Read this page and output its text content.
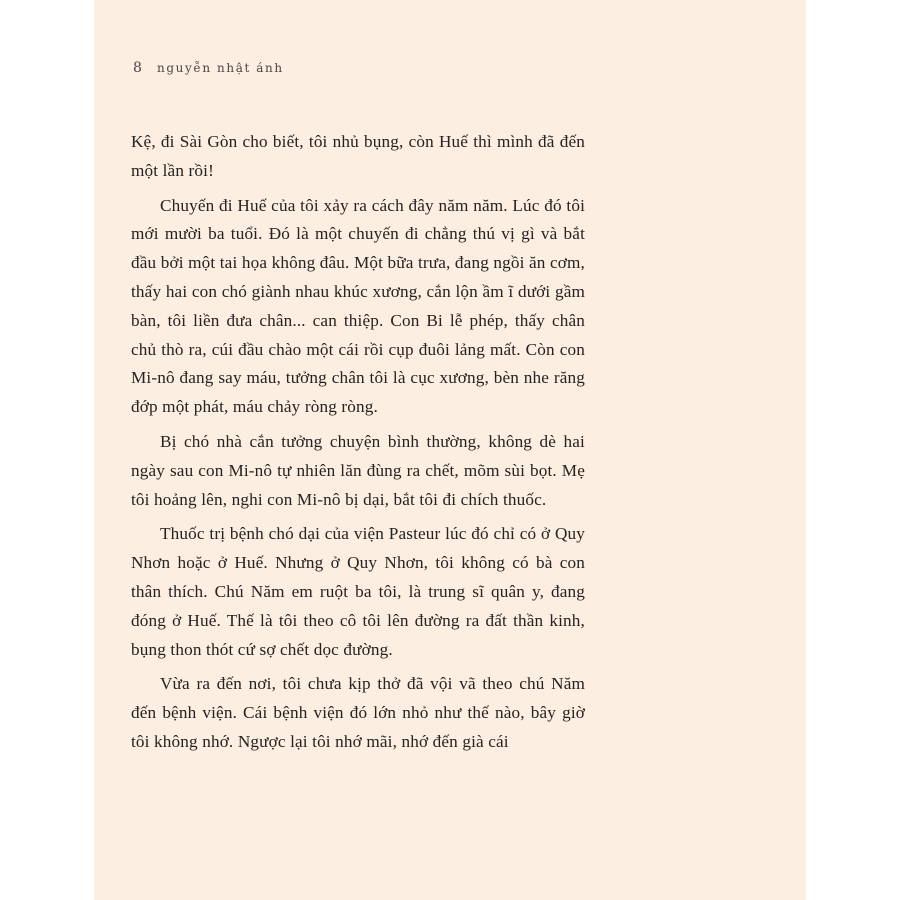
8 nguyễn nhật ánh

Kệ, đi Sài Gòn cho biết, tôi nhủ bụng, còn Huế thì mình đã đến một lần rồi!

Chuyến đi Huế của tôi xảy ra cách đây năm năm. Lúc đó tôi mới mười ba tuổi. Đó là một chuyến đi chẳng thú vị gì và bắt đầu bởi một tai họa không đâu. Một bữa trưa, đang ngồi ăn cơm, thấy hai con chó giành nhau khúc xương, cắn lộn ầm ĩ dưới gầm bàn, tôi liền đưa chân... can thiệp. Con Bi lễ phép, thấy chân chủ thò ra, cúi đầu chào một cái rồi cụp đuôi lảng mất. Còn con Mi-nô đang say máu, tưởng chân tôi là cục xương, bèn nhe răng đớp một phát, máu chảy ròng ròng.

Bị chó nhà cắn tưởng chuyện bình thường, không dè hai ngày sau con Mi-nô tự nhiên lăn đùng ra chết, mõm sùi bọt. Mẹ tôi hoảng lên, nghi con Mi-nô bị dại, bắt tôi đi chích thuốc.

Thuốc trị bệnh chó dại của viện Pasteur lúc đó chỉ có ở Quy Nhơn hoặc ở Huế. Nhưng ở Quy Nhơn, tôi không có bà con thân thích. Chú Năm em ruột ba tôi, là trung sĩ quân y, đang đóng ở Huế. Thế là tôi theo cô tôi lên đường ra đất thần kinh, bụng thon thót cứ sợ chết dọc đường.

Vừa ra đến nơi, tôi chưa kịp thở đã vội vã theo chú Năm đến bệnh viện. Cái bệnh viện đó lớn nhỏ như thế nào, bây giờ tôi không nhớ. Ngược lại tôi nhớ mãi, nhớ đến già cái
